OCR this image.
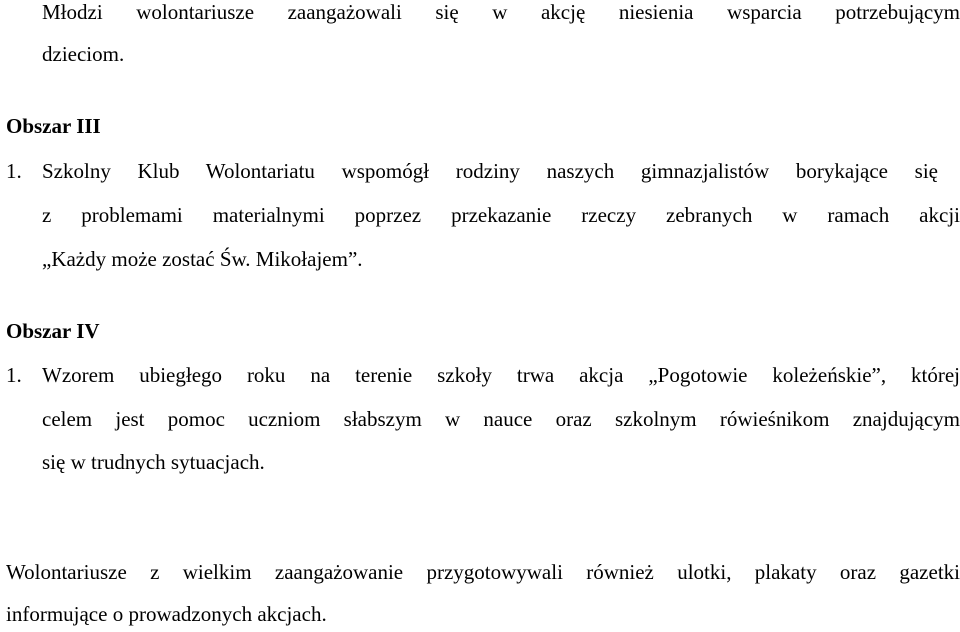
Młodzi wolontariusze zaangażowali się w akcję niesienia wsparcia potrzebującym

dzieciom.

Obszar III

1. Szkolny Klub Wolontariatu wspomógł rodziny naszych gimnazjalistów borykające się

z problemami materialnymi poprzez przekazanie rzeczy zebranych w ramach akcji

„Każdy może zostać Św. Mikołajem”.

Obszar IV

1. Wzorem ubiegłego roku na terenie szkoły trwa akcja „Pogotowie koleżeńskie”, której

celem jest pomoc uczniom słabszym w nauce oraz szkolnym rówieśnikom znajdującym

się w trudnych sytuacjach.

Wolontariusze z wielkim zaangażowanie przygotowywali również ulotki, plakaty oraz gazetki

informujące o prowadzonych akcjach.
